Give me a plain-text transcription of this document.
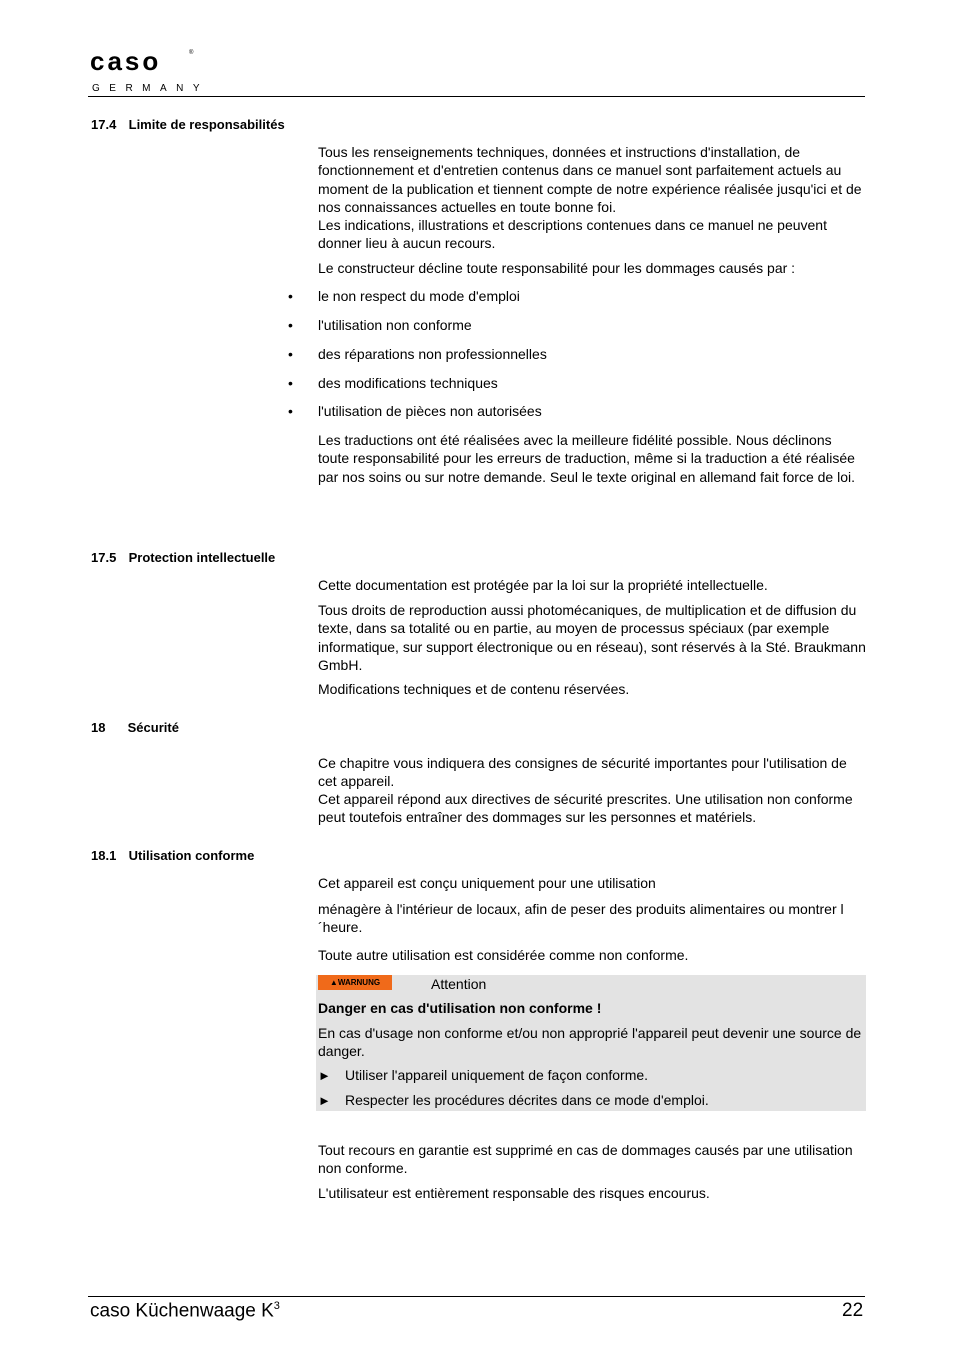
caso	®
GERMANY
17.4 Limite de responsabilités
Tous les renseignements techniques, données et instructions d'installation, de fonctionnement et d'entretien contenus dans ce manuel sont parfaitement actuels au moment de la publication et tiennent compte de notre expérience réalisée jusqu'ici et de nos connaissances actuelles en toute bonne foi.
Les indications, illustrations et descriptions contenues dans ce manuel ne peuvent donner lieu à aucun recours.
Le constructeur décline toute responsabilité pour les dommages causés par :
• le non respect du mode d'emploi
• l'utilisation non conforme
• des réparations non professionnelles
• des modifications techniques
• l'utilisation de pièces non autorisées
Les traductions ont été réalisées avec la meilleure fidélité possible. Nous déclinons toute responsabilité pour les erreurs de traduction, même si la traduction a été réalisée par nos soins ou sur notre demande. Seul le texte original en allemand fait force de loi.
17.5 Protection intellectuelle
Cette documentation est protégée par la loi sur la propriété intellectuelle.
Tous droits de reproduction aussi photomécaniques, de multiplication et de diffusion du texte, dans sa totalité ou en partie, au moyen de processus spéciaux (par exemple informatique, sur support électronique ou en réseau), sont réservés à la Sté. Braukmann GmbH.
Modifications techniques et de contenu réservées.
18 Sécurité
Ce chapitre vous indiquera des consignes de sécurité importantes pour l'utilisation de cet appareil.
Cet appareil répond aux directives de sécurité prescrites. Une utilisation non conforme peut toutefois entraîner des dommages sur les personnes et matériels.
18.1 Utilisation conforme
Cet appareil est conçu uniquement pour une utilisation
ménagère à l'intérieur de locaux, afin de peser des produits alimentaires ou montrer l´heure.
Toute autre utilisation est considérée comme non conforme.
▲WARNUNG	Attention
Danger en cas d'utilisation non conforme !
En cas d'usage non conforme et/ou non approprié l'appareil peut devenir une source de danger.
► Utiliser l'appareil uniquement de façon conforme.
► Respecter les procédures décrites dans ce mode d'emploi.
Tout recours en garantie est supprimé en cas de dommages causés par une utilisation non conforme.
L'utilisateur est entièrement responsable des risques encourus.
caso Küchenwaage $K^3$	22
